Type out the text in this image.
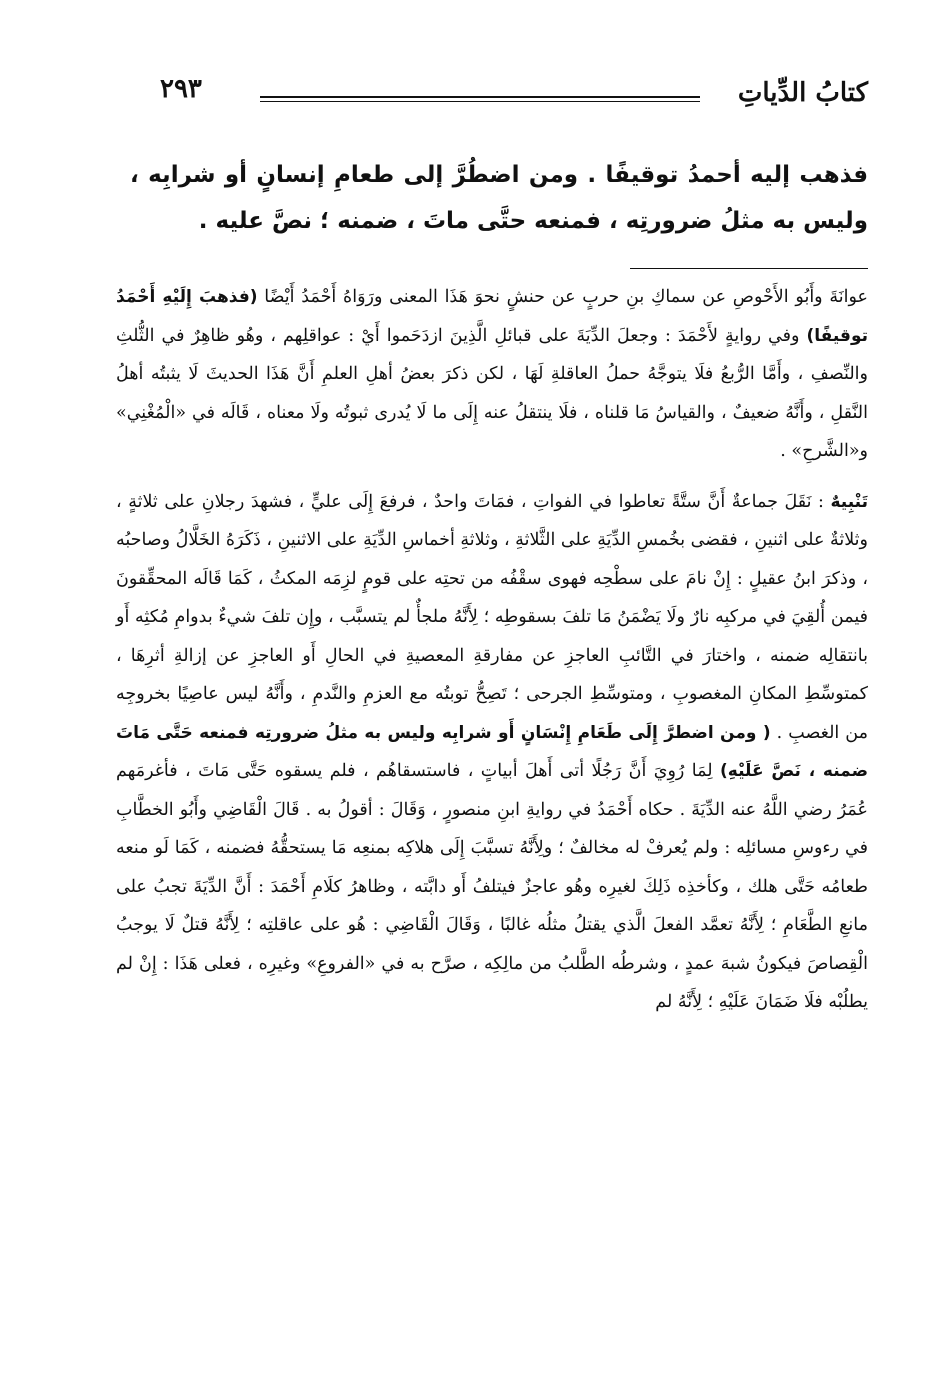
كتابُ الدِّياتِ
٢٩٣
فذهب إليه أحمدُ توقيفًا . ومن اضطُرَّ إلى طعامِ إنسانٍ أو شرابِه ، وليس به مثلُ ضرورتِه ، فمنعه حتَّى ماتَ ، ضمنه ؛ نصَّ عليه .

عوانَةَ وأَبُو الأَحْوصِ عن سماكِ بنِ حربٍ عن حنشٍ نحوَ هَذَا المعنى ورَوَاهُ أَحْمَدُ أَيْضًا (فذهبَ إِلَيْهِ أَحْمَدُ توقيفًا) وفي روايةٍ لأَحْمَدَ : وجعلَ الدِّيَةَ على قبائلِ الَّذِينَ ازدَحَموا أَيْ : عواقلِهم ، وهُو ظاهِرٌ في الثُّلثِ والنِّصفِ ، وأَمَّا الرُّبعُ فلَا يتوجَّهُ حملُ العاقلةِ لَهَا ، لكن ذكرَ بعضُ أهلِ العلمِ أَنَّ هَذَا الحديثَ لَا يثبتُه أهلُ النَّقلِ ، وأَنَّهُ ضعيفٌ ، والقياسُ مَا قلناه ، فلَا ينتقلُ عنه إِلَى ما لَا يُدرى ثبوتُه ولَا معناه ، قَالَه في «الْمُغْنِي» و«الشَّرحِ» .

تَنْبِيهٌ : نَقَلَ جماعةٌ أَنَّ ستَّةً تعاطوا في الفواتِ ، فمَاتَ واحدٌ ، فرفعَ إِلَى عليٍّ ، فشهدَ رجلانِ على ثلاثةٍ ، وثلاثةٌ على اثنينِ ، فقضى بخُمسِ الدِّيَةِ على الثَّلاثةِ ، وثلاثةِ أخماسِ الدِّيَةِ على الاثنينِ ، ذَكَرَهُ الخَلَّالُ وصاحبُه ، وذكرَ ابنُ عقيلٍ : إِنْ نامَ على سطْحِه فهوى سقْفُه من تحتِه على قومٍ لزِمَه المكثُ ، كَمَا قَالَه المحقِّقونَ فيمن أُلقِيَ في مركبِه نارٌ ولَا يَضْمَنُ مَا تلفَ بسقوطِه ؛ لِأَنَّهُ ملجأٌ لم يتسبَّب ، وإِن تلفَ شيءٌ بدوامِ مُكثِه أَو بانتقالِه ضمنه ، واختارَ في التَّائبِ العاجزِ عن مفارقةِ المعصيةِ في الحالِ أَو العاجزِ عن إزالةِ أثرِهَا ، كمتوسِّطِ المكانِ المغصوبِ ، ومتوسِّطِ الجرحى ؛ تَصِحُّ توبتُه مع العزمِ والنَّدمِ ، وأَنَّهُ ليس عاصِيًا بخروجِه من الغصبِ . ( ومن اضطرَّ إِلَى طَعَامِ إِنْسَانٍ أَو شرابِه وليس به مثلُ ضرورتِه فمنعه حَتَّى مَاتَ ضمنه ، نَصَّ عَلَيْهِ) لِمَا رُوِيَ أَنَّ رَجُلًا أتى أَهلَ أبياتٍ ، فاستسقاهُم ، فلم يسقوه حَتَّى مَاتَ ، فأغرمَهم عُمَرُ رضي اللَّهُ عنه الدِّيَةَ . حكاه أَحْمَدُ في روايةِ ابنِ منصورٍ ، وَقَالَ : أقولُ به . قَالَ الْقَاضِي وأَبُو الخطَّابِ في رءوسِ مسائلِه : ولم يُعرفْ له مخالفٌ ؛ ولِأَنَّهُ تسبَّبَ إِلَى هلاكِه بمنعِه مَا يستحقُّهُ فضمنه ، كَمَا لَو منعه طعامُه حَتَّى هلك ، وكأخذِه ذَلِكَ لغيرِه وهُو عاجزٌ فيتلفُ أَو دابَّته ، وظاهرُ كلَامِ أَحْمَدَ : أَنَّ الدِّيَةَ تجبُ على مانعِ الطَّعَامِ ؛ لِأَنَّهُ تعمَّد الفعلَ الَّذي يقتلُ مثلُه غالبًا ، وَقَالَ الْقَاضِي : هُو على عاقلتِه ؛ لِأَنَّهُ قتلٌ لَا يوجبُ الْقِصاصَ فيكونُ شبهَ عمدٍ ، وشرطُه الطَّلبُ من مالِكِه ، صرَّح به في «الفروعِ» وغيرِه ، فعلى هَذَا : إِنْ لم يطلُبْه فلَا ضَمَانَ عَلَيْهِ ؛ لِأَنَّهُ لم
